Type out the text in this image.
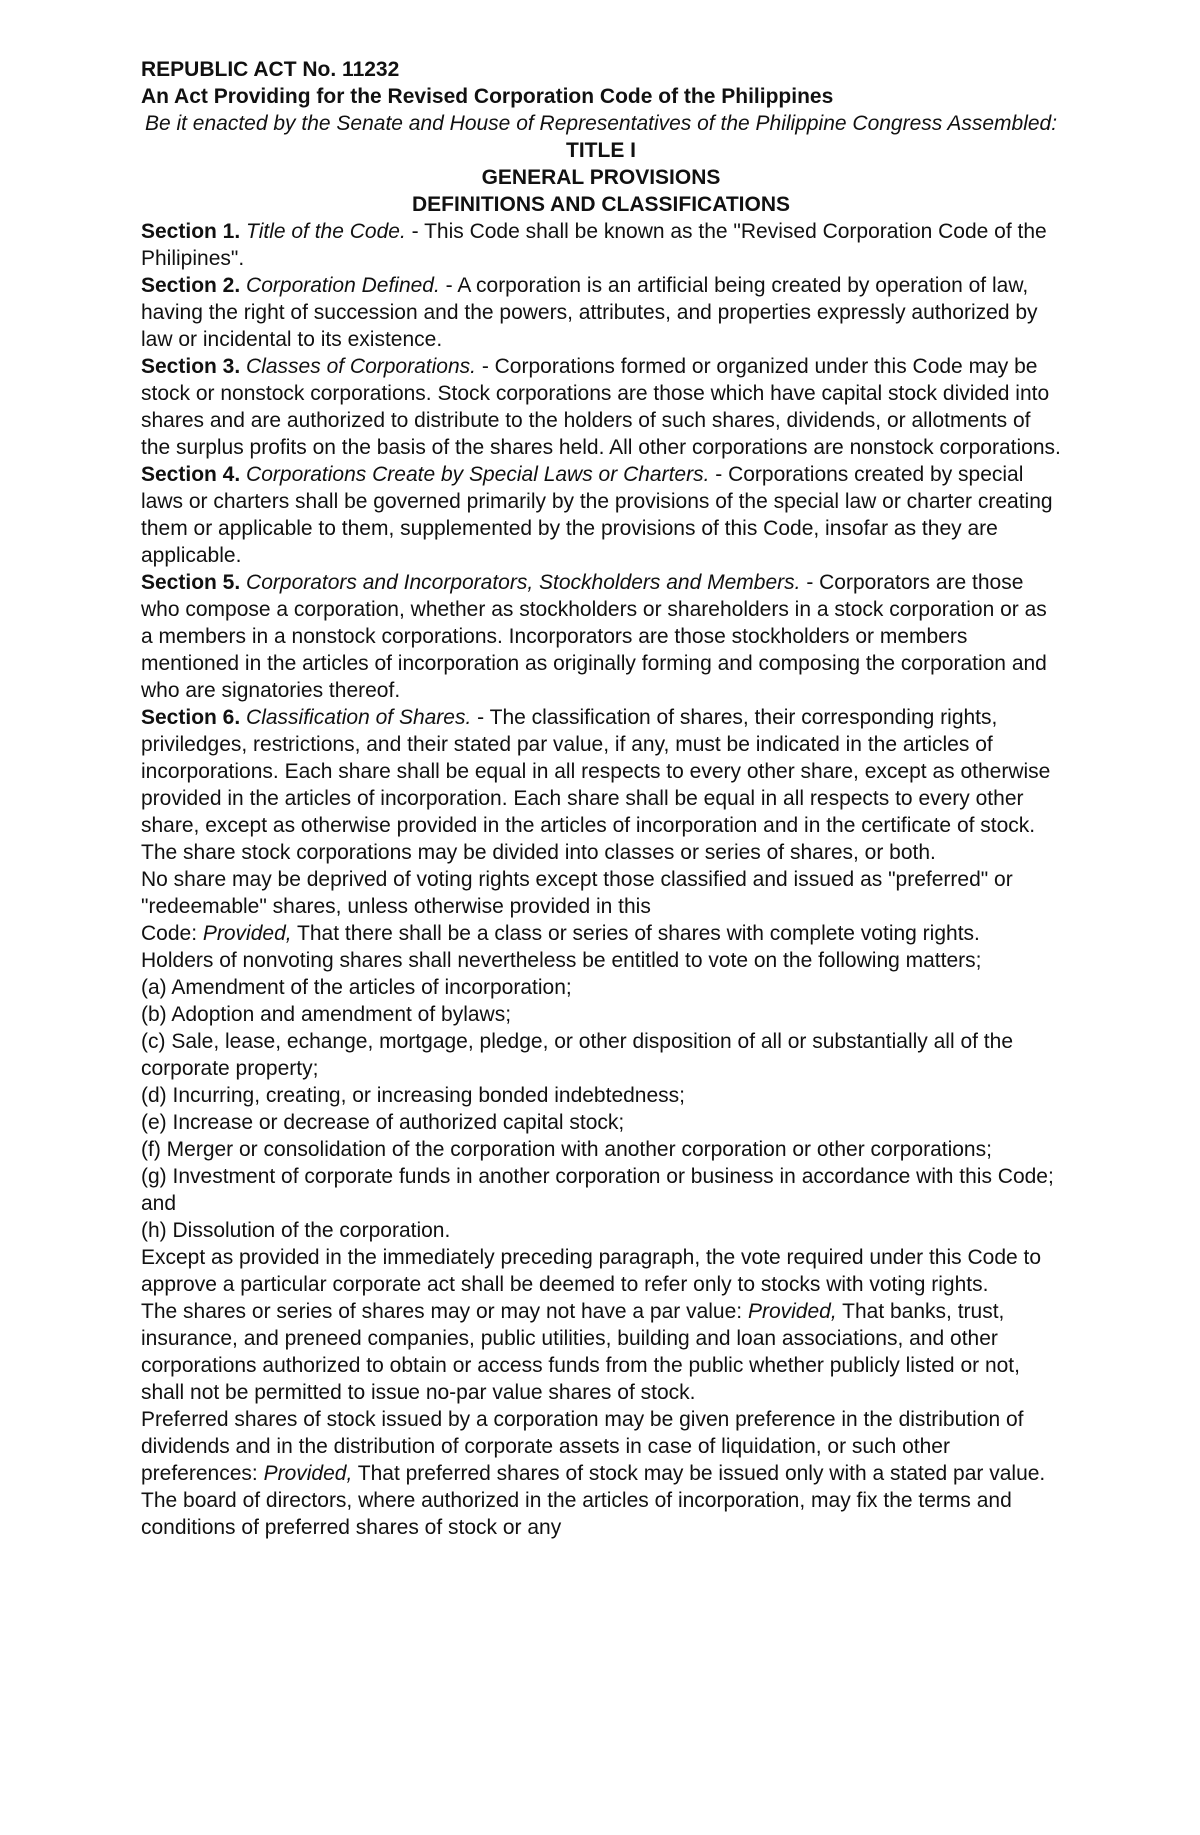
REPUBLIC ACT No. 11232

An Act Providing for the Revised Corporation Code of the Philippines

Be it enacted by the Senate and House of Representatives of the Philippine Congress Assembled:

TITLE I

GENERAL PROVISIONS

DEFINITIONS AND CLASSIFICATIONS

Section 1. Title of the Code. - This Code shall be known as the "Revised Corporation Code of the Philipines".

Section 2. Corporation Defined. - A corporation is an artificial being created by operation of law, having the right of succession and the powers, attributes, and properties expressly authorized by law or incidental to its existence.

Section 3. Classes of Corporations. - Corporations formed or organized under this Code may be stock or nonstock corporations. Stock corporations are those which have capital stock divided into shares and are authorized to distribute to the holders of such shares, dividends, or allotments of the surplus profits on the basis of the shares held. All other corporations are nonstock corporations.

Section 4. Corporations Create by Special Laws or Charters. - Corporations created by special laws or charters shall be governed primarily by the provisions of the special law or charter creating them or applicable to them, supplemented by the provisions of this Code, insofar as they are applicable.

Section 5. Corporators and Incorporators, Stockholders and Members. - Corporators are those who compose a corporation, whether as stockholders or shareholders in a stock corporation or as a members in a nonstock corporations. Incorporators are those stockholders or members mentioned in the articles of incorporation as originally forming and composing the corporation and who are signatories thereof.

Section 6. Classification of Shares. - The classification of shares, their corresponding rights, priviledges, restrictions, and their stated par value, if any, must be indicated in the articles of incorporations. Each share shall be equal in all respects to every other share, except as otherwise provided in the articles of incorporation. Each share shall be equal in all respects to every other share, except as otherwise provided in the articles of incorporation and in the certificate of stock.

The share stock corporations may be divided into classes or series of shares, or both.

No share may be deprived of voting rights except those classified and issued as "preferred" or "redeemable" shares, unless otherwise provided in this

Code: Provided, That there shall be a class or series of shares with complete voting rights.

Holders of nonvoting shares shall nevertheless be entitled to vote on the following matters;

(a) Amendment of the articles of incorporation;

(b) Adoption and amendment of bylaws;

(c) Sale, lease, echange, mortgage, pledge, or other disposition of all or substantially all of the corporate property;

(d) Incurring, creating, or increasing bonded indebtedness;

(e) Increase or decrease of authorized capital stock;

(f) Merger or consolidation of the corporation with another corporation or other corporations;

(g) Investment of corporate funds in another corporation or business in accordance with this Code; and

(h) Dissolution of the corporation.

Except as provided in the immediately preceding paragraph, the vote required under this Code to approve a particular corporate act shall be deemed to refer only to stocks with voting rights.

The shares or series of shares may or may not have a par value: Provided, That banks, trust, insurance, and preneed companies, public utilities, building and loan associations, and other corporations authorized to obtain or access funds from the public whether publicly listed or not, shall not be permitted to issue no-par value shares of stock.

Preferred shares of stock issued by a corporation may be given preference in the distribution of dividends and in the distribution of corporate assets in case of liquidation, or such other preferences: Provided, That preferred shares of stock may be issued only with a stated par value. The board of directors, where authorized in the articles of incorporation, may fix the terms and conditions of preferred shares of stock or any
